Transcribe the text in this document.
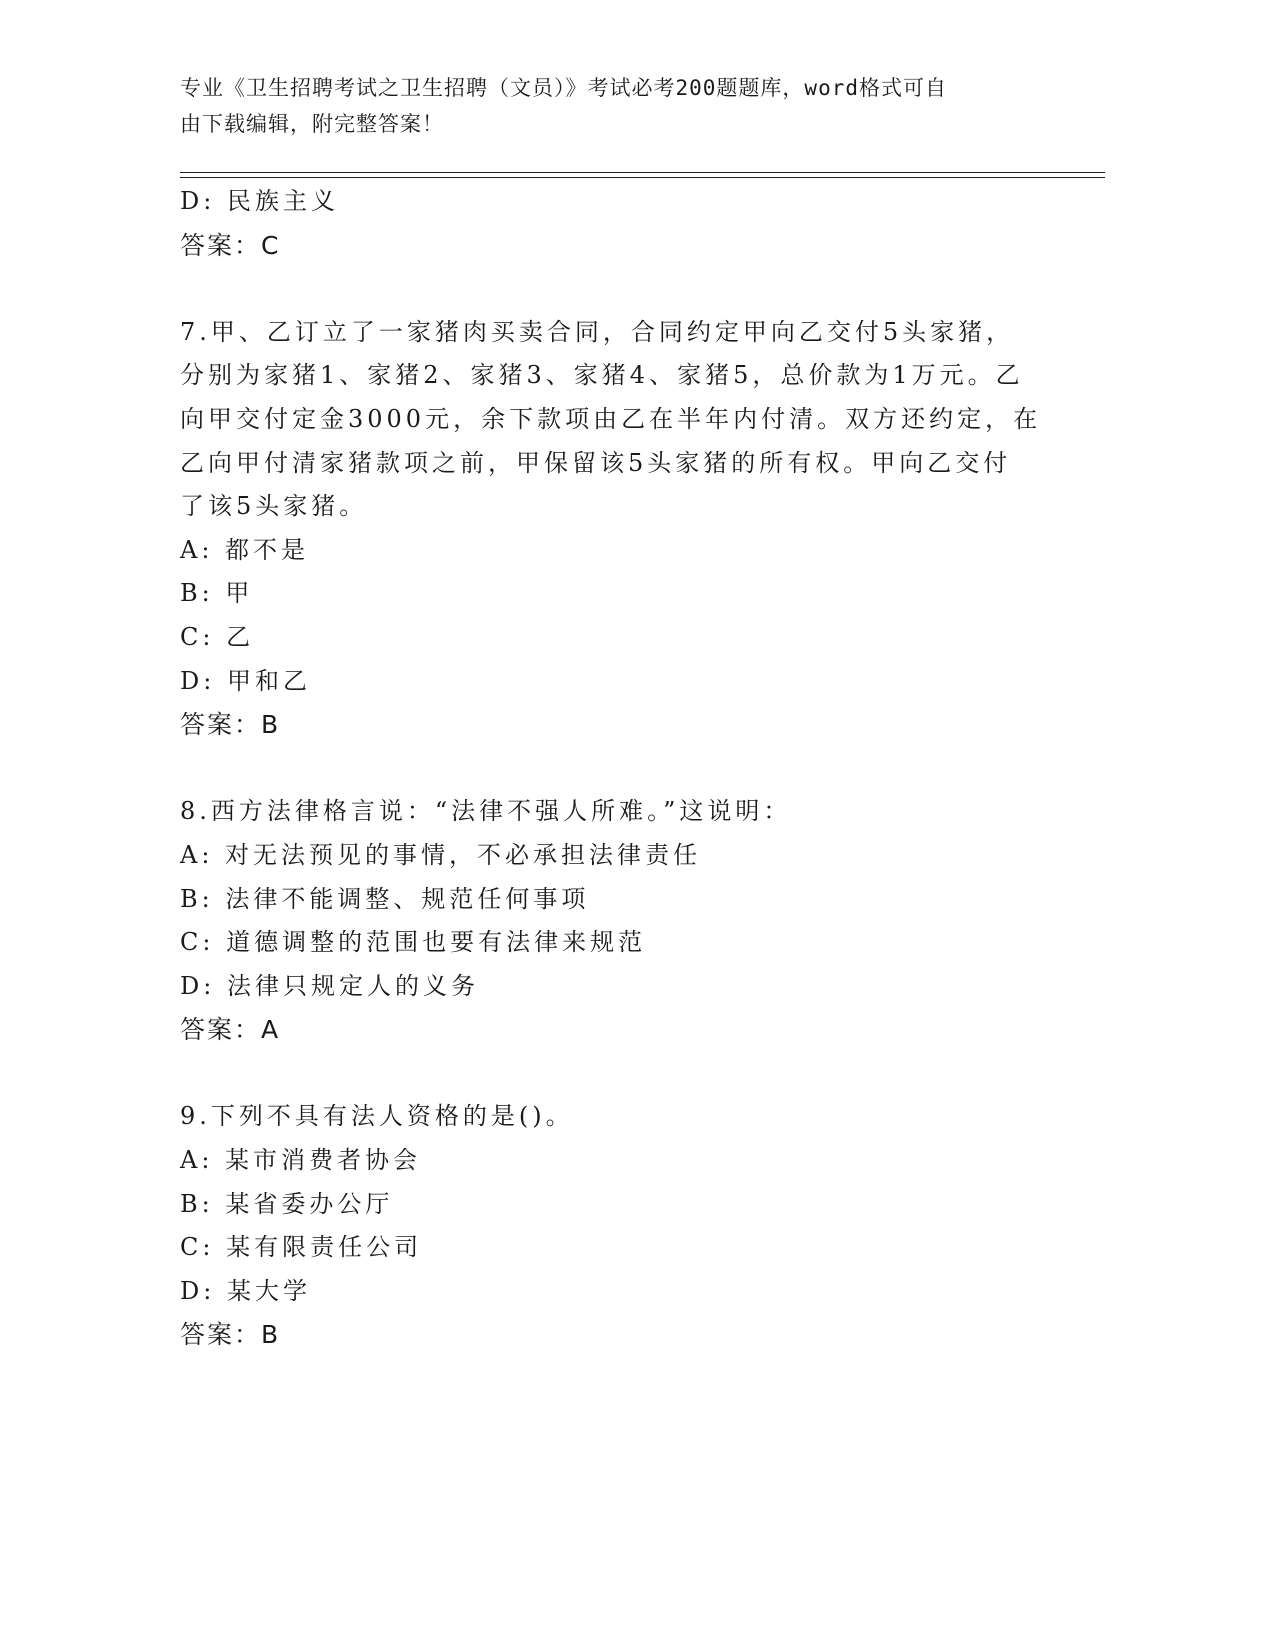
专业《卫生招聘考试之卫生招聘（文员）》考试必考200题题库，word格式可自
由下载编辑，附完整答案！
D: 民族主义
答案：C
7.甲、乙订立了一家猪肉买卖合同，合同约定甲向乙交付5头家猪，
分别为家猪1、家猪2、家猪3、家猪4、家猪5，总价款为1万元。乙
向甲交付定金3000元，余下款项由乙在半年内付清。双方还约定，在
乙向甲付清家猪款项之前，甲保留该5头家猪的所有权。甲向乙交付
了该5头家猪。
A: 都不是
B: 甲
C: 乙
D: 甲和乙
答案：B
8.西方法律格言说：“法律不强人所难。”这说明：
A: 对无法预见的事情，不必承担法律责任
B: 法律不能调整、规范任何事项
C: 道德调整的范围也要有法律来规范
D: 法律只规定人的义务
答案：A
9.下列不具有法人资格的是()。
A: 某市消费者协会
B: 某省委办公厅
C: 某有限责任公司
D: 某大学
答案：B
